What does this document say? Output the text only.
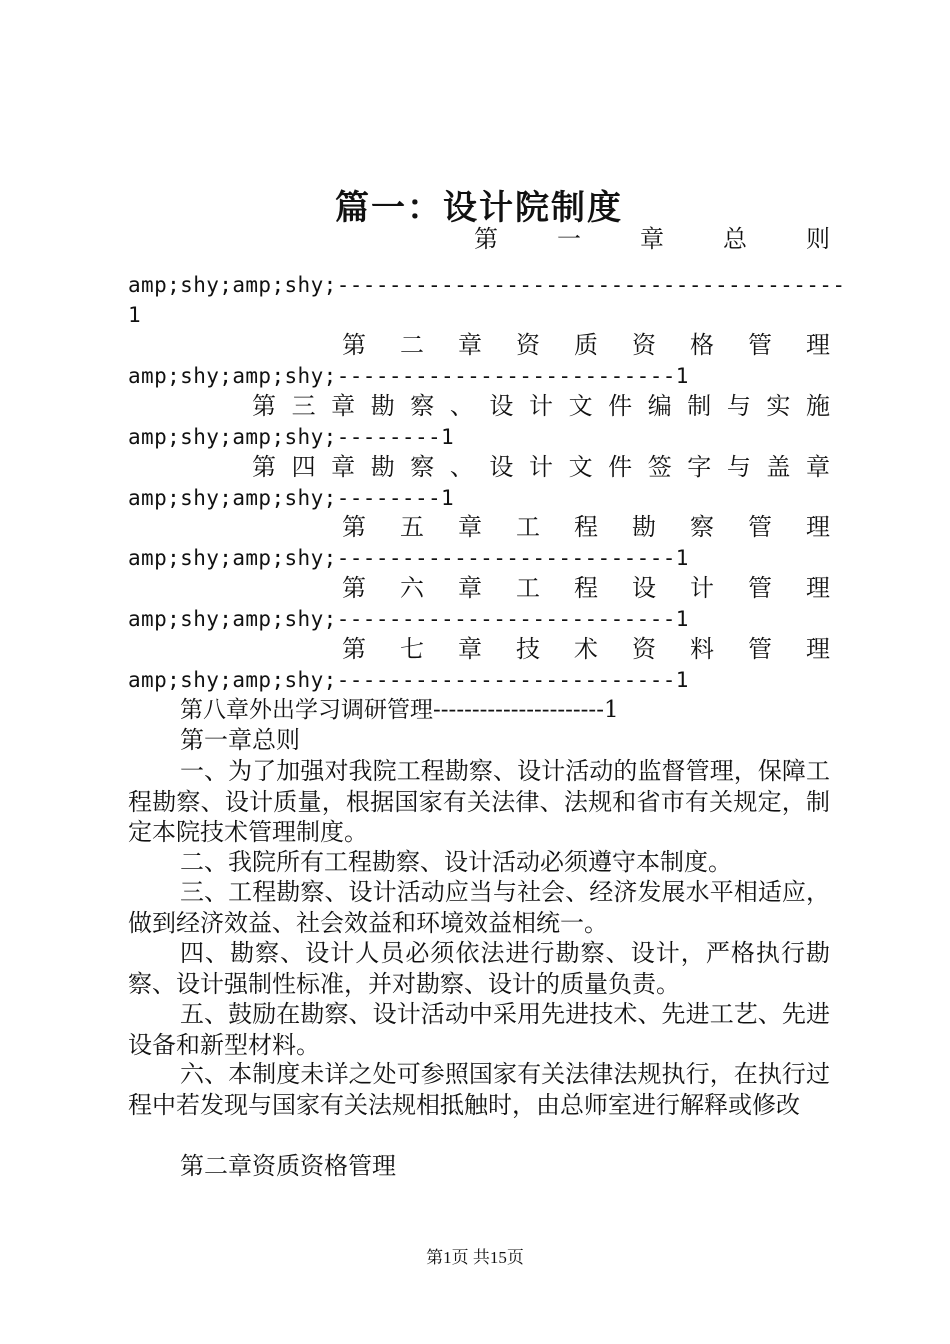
篇一：设计院制度
第一章总则
amp;shy;amp;shy;---------------------------------------
1
第二章资质资格管理
amp;shy;amp;shy;--------------------------1
第三章勘察、设计文件编制与实施
amp;shy;amp;shy;--------1
第四章勘察、设计文件签字与盖章
amp;shy;amp;shy;--------1
第五章工程勘察管理
amp;shy;amp;shy;--------------------------1
第六章工程设计管理
amp;shy;amp;shy;--------------------------1
第七章技术资料管理
amp;shy;amp;shy;--------------------------1
第八章外出学习调研管理----------------------1
第一章总则
一、为了加强对我院工程勘察、设计活动的监督管理，保障工程勘察、设计质量，根据国家有关法律、法规和省市有关规定，制定本院技术管理制度。
二、我院所有工程勘察、设计活动必须遵守本制度。
三、工程勘察、设计活动应当与社会、经济发展水平相适应，做到经济效益、社会效益和环境效益相统一。
四、勘察、设计人员必须依法进行勘察、设计，严格执行勘察、设计强制性标准，并对勘察、设计的质量负责。
五、鼓励在勘察、设计活动中采用先进技术、先进工艺、先进设备和新型材料。
六、本制度未详之处可参照国家有关法律法规执行，在执行过程中若发现与国家有关法规相抵触时，由总师室进行解释或修改
第二章资质资格管理
第1页 共15页
